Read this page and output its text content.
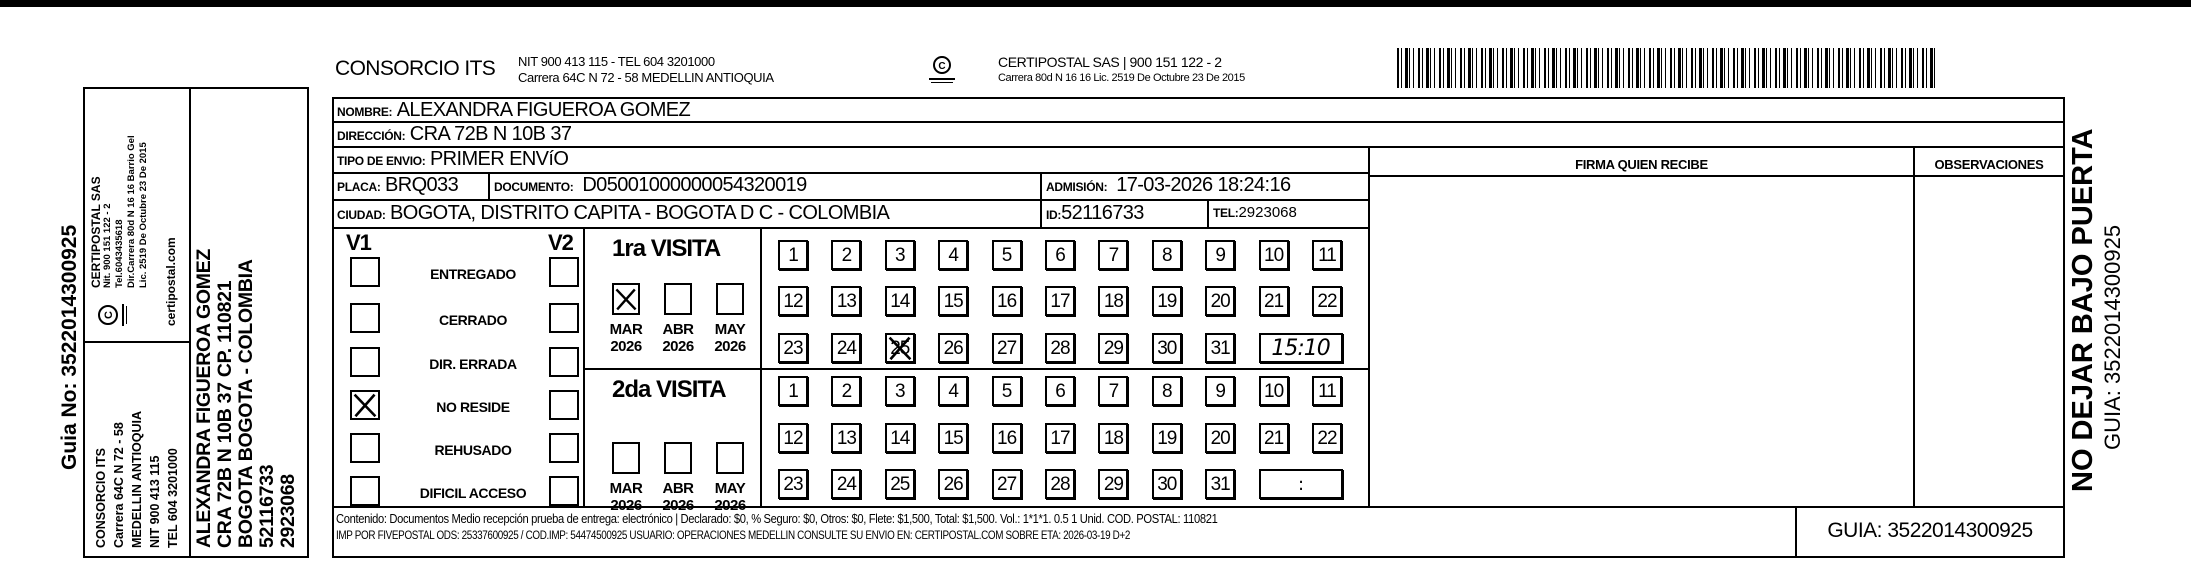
Guia No: 3522014300925
CONSORCIO ITS Carrera 64C N 72 - 58 MEDELLIN ANTIOQUIA NIT 900 413 115 TEL 604 3201000
C
CERTIPOSTAL SAS Nit. 900 151 122 - 2 Tel.6043435618 Dir.Carrera 80d N 16 16 Barrio Gel Lic. 2519 De Octubre 23 De 2015 certipostal.com ALEXANDRA FIGUEROA GOMEZ CRA 72B N 10B 37 CP. 110821 BOGOTA BOGOTA - COLOMBIA 52116733 2923068
CONSORCIO ITS NIT 900 413 115 - TEL 604 3201000
Carrera 64C N 72 - 58 MEDELLIN ANTIOQUIA
C	CERTIPOSTAL SAS | 900 151 122 - 2
Carrera 80d N 16 16 Lic. 2519 De Octubre 23 De 2015
NOMBRE: ALEXANDRA FIGUEROA GOMEZ
DIRECCIÓN: CRA 72B N 10B 37
TIPO DE ENVIO: PRIMER ENVíO
PLACA: BRQ033	DOCUMENTO: D05001000000054320019	ADMISIÓN: 17-03-2026 18:24:16
CIUDAD: BOGOTA, DISTRITO CAPITA - BOGOTA D C - COLOMBIA	ID:52116733	TEL:2923068
FIRMA QUIEN RECIBE	OBSERVACIONES
V1	V2
Contenido: Documentos Medio recepción prueba de entrega: electrónico | Declarado: $0, % Seguro: $0, Otros: $0, Flete: $1,500, Total: $1,500. Vol.: 1*1*1. 0.5 1 Unid. COD. POSTAL: 110821
IMP POR FIVEPOSTAL ODS: 25337600925 / COD.IMP: 54474500925 USUARIO: OPERACIONES MEDELLIN CONSULTE SU ENVIO EN: CERTIPOSTAL.COM SOBRE ETA: 2026-03-19 D+2	GUIA: 3522014300925
NO DEJAR BAJO PUERTA GUIA: 3522014300925
ENTREGADO
CERRADO
DIR. ERRADA
NO RESIDE
REHUSADO
DIFICIL ACCESO
1ra VISITA
MAR
2026
ABR
2026
MAY
2026
1	2	3	4	5	6	7	8	9	10	11
12 13 14 15 16 17 18 19 20 21 22
23 24 25 26 27 28 29 30 31	15:10
2da VISITA
MAR
2026
ABR
2026
MAY
2026
1	2	3	4	5	6	7	8	9	10	11
12 13 14 15 16 17 18 19 20 21 22
23 24 25 26 27 28 29 30 31	:
